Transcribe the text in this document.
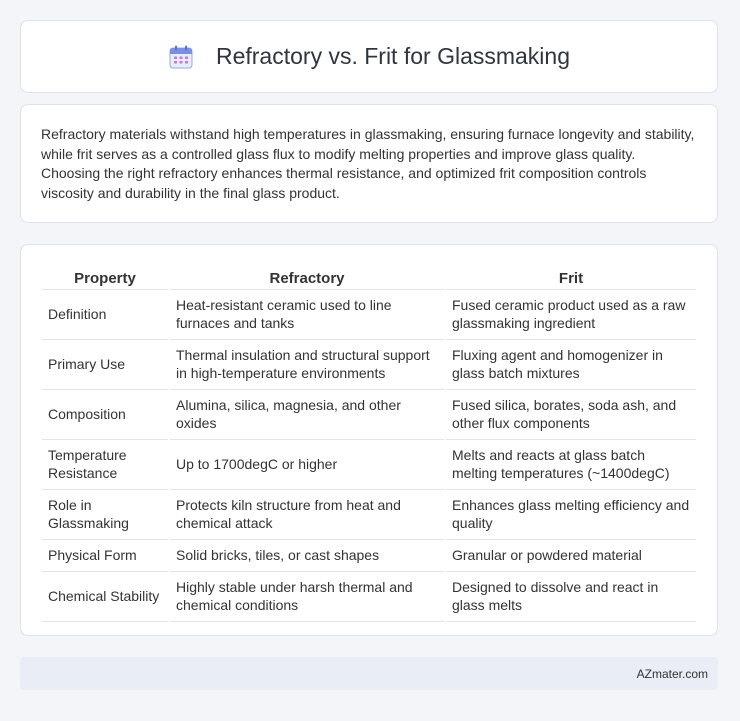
Refractory vs. Frit for Glassmaking

Refractory materials withstand high temperatures in glassmaking, ensuring furnace longevity and stability, while frit serves as a controlled glass flux to modify melting properties and improve glass quality. Choosing the right refractory enhances thermal resistance, and optimized frit composition controls viscosity and durability in the final glass product.

Property	Refractory	Frit
Definition	Heat-resistant ceramic used to line furnaces and tanks	Fused ceramic product used as a raw glassmaking ingredient
Primary Use	Thermal insulation and structural support in high-temperature environments	Fluxing agent and homogenizer in glass batch mixtures
Composition	Alumina, silica, magnesia, and other oxides	Fused silica, borates, soda ash, and other flux components
Temperature Resistance	Up to 1700degC or higher	Melts and reacts at glass batch melting temperatures (~1400degC)
Role in Glassmaking	Protects kiln structure from heat and chemical attack	Enhances glass melting efficiency and quality
Physical Form	Solid bricks, tiles, or cast shapes	Granular or powdered material
Chemical Stability	Highly stable under harsh thermal and chemical conditions	Designed to dissolve and react in glass melts
AZmater.com
